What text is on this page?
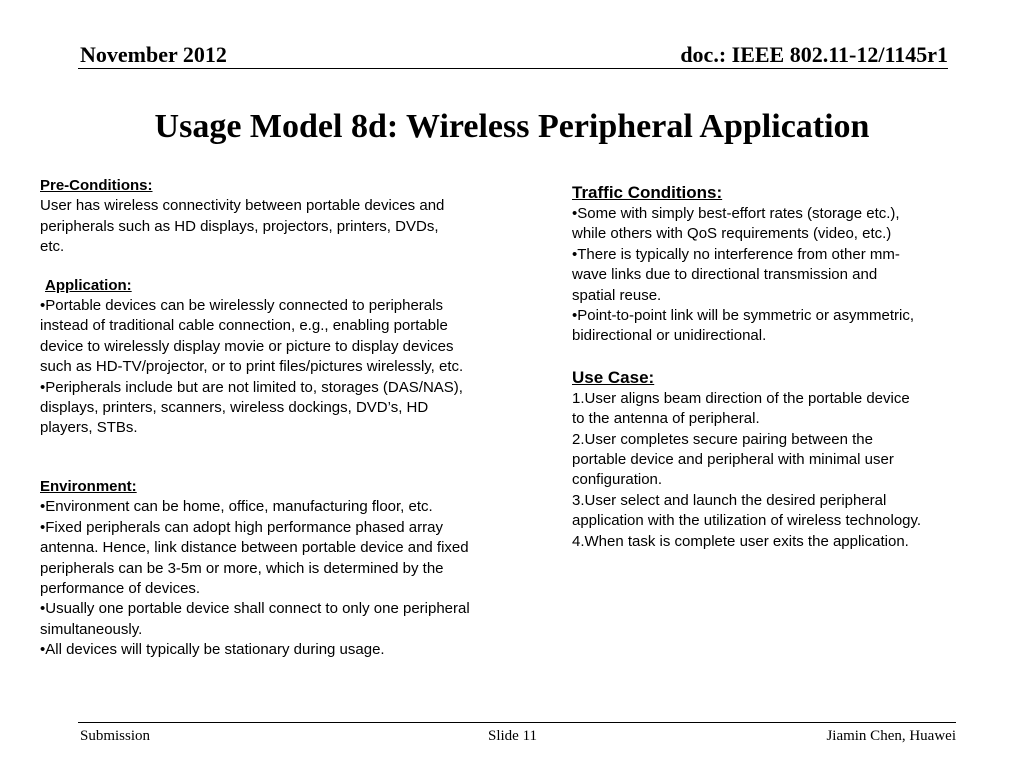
November 2012	doc.: IEEE 802.11-12/1145r1
Usage Model 8d: Wireless Peripheral Application
Pre-Conditions:
User has wireless connectivity between portable devices and
peripherals such as HD displays, projectors, printers, DVDs,
etc.
Application:
•Portable devices can be wirelessly connected to peripherals
instead of traditional cable connection, e.g., enabling portable
device to wirelessly display movie or picture to display devices
such as HD-TV/projector, or to print files/pictures wirelessly, etc.
•Peripherals include but are not limited to, storages (DAS/NAS),
displays, printers, scanners, wireless dockings, DVD’s, HD
players, STBs.
Environment:
•Environment can be home, office, manufacturing floor, etc.
•Fixed peripherals can adopt high performance phased array
antenna. Hence, link distance between portable device and fixed
peripherals can be 3-5m or more, which is determined by the
performance of devices.
•Usually one portable device shall connect to only one peripheral
simultaneously.
•All devices will typically be stationary during usage.
Traffic Conditions:
•Some with simply best-effort rates (storage etc.),
while others with QoS requirements (video, etc.)
•There is typically no interference from other mm-
wave links due to directional transmission and
spatial reuse.
•Point-to-point link will be symmetric or asymmetric,
bidirectional or unidirectional.
Use Case:
1.User aligns beam direction of the portable device
to the antenna of peripheral.
2.User completes secure pairing between the
portable device and peripheral with minimal user
configuration.
3.User select and launch the desired peripheral
application with the utilization of wireless technology.
4.When task is complete user exits the application.
Submission	Slide 11	Jiamin Chen, Huawei
